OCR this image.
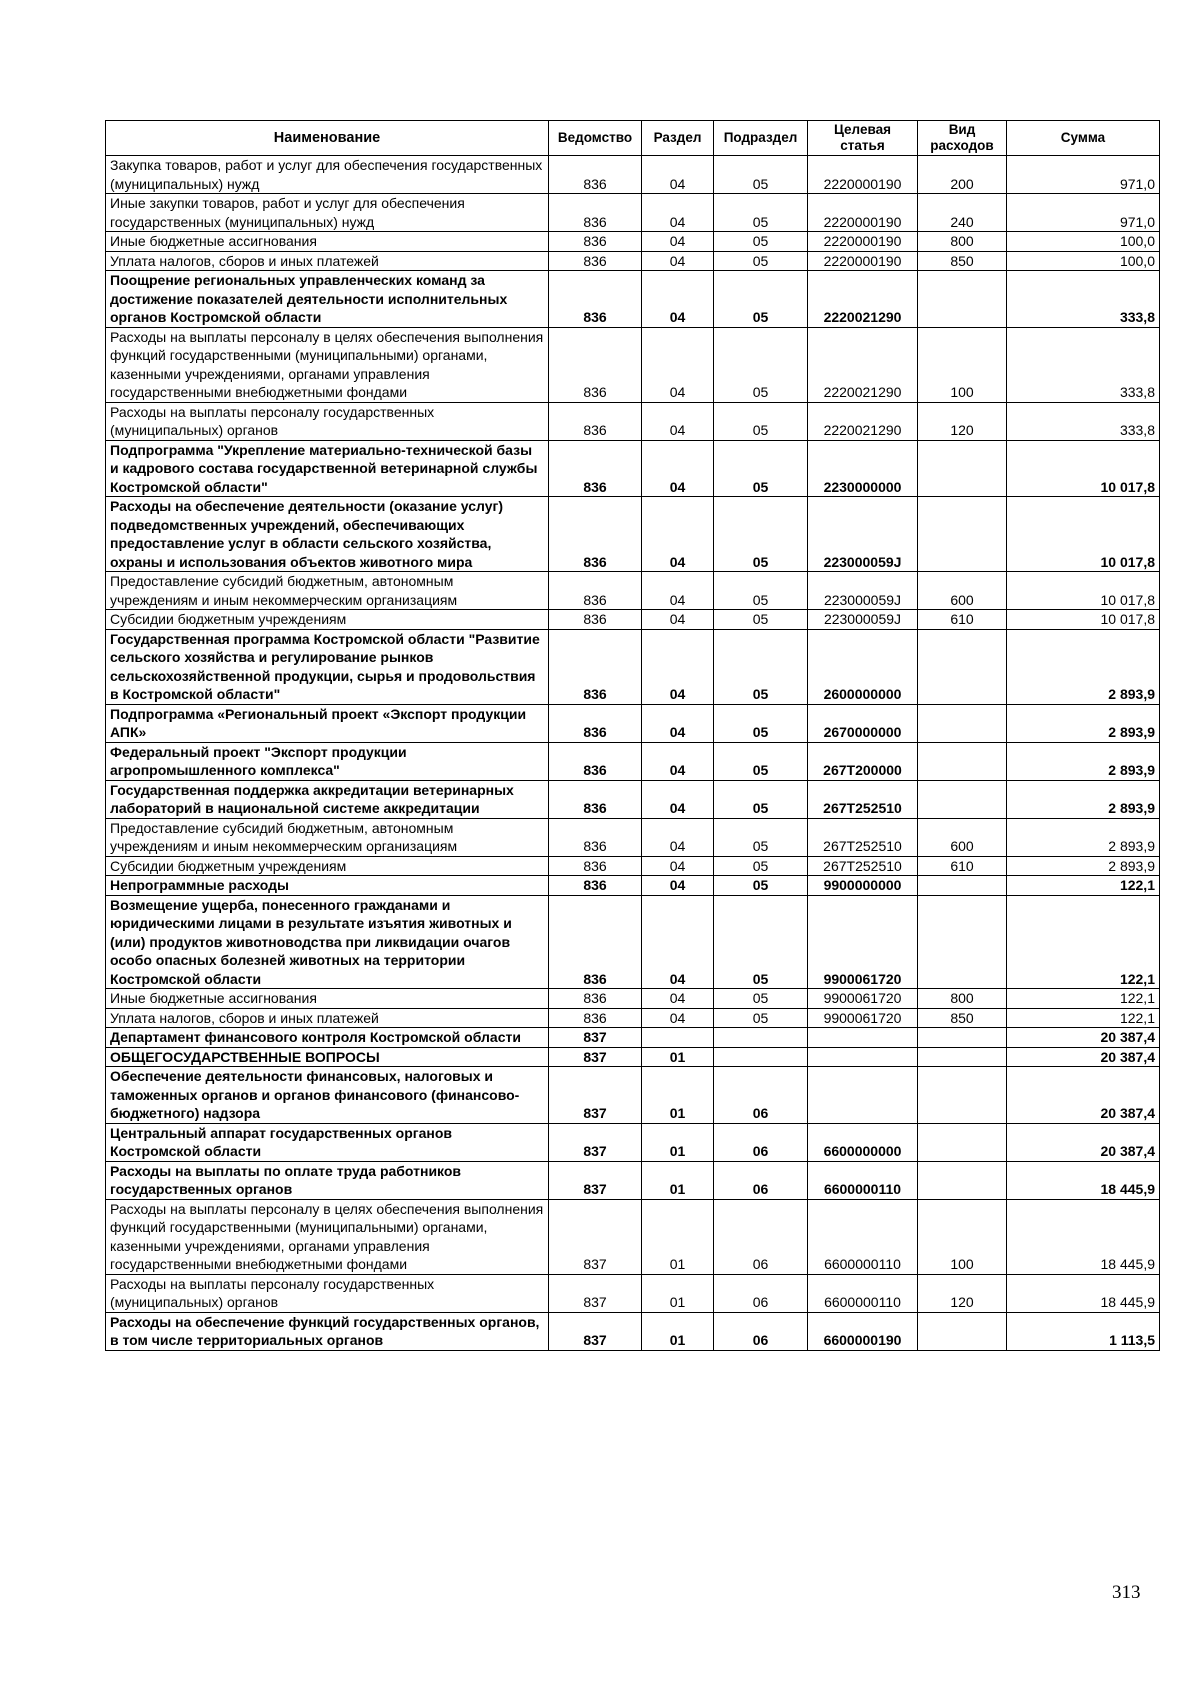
Наименование	Ведомство	Раздел	Подраздел	Целевая статья	Вид расходов	Сумма
Закупка товаров, работ и услуг для обеспечения государственных (муниципальных) нужд	836	04	05	2220000190	200	971,0
Иные закупки товаров, работ и услуг для обеспечения государственных (муниципальных) нужд	836	04	05	2220000190	240	971,0
Иные бюджетные ассигнования	836	04	05	2220000190	800	100,0
Уплата налогов, сборов и иных платежей	836	04	05	2220000190	850	100,0
Поощрение региональных управленческих команд за достижение показателей деятельности исполнительных органов Костромской области	836	04	05	2220021290		333,8
Расходы на выплаты персоналу в целях обеспечения выполнения функций государственными (муниципальными) органами, казенными учреждениями, органами управления государственными внебюджетными фондами	836	04	05	2220021290	100	333,8
Расходы на выплаты персоналу государственных (муниципальных) органов	836	04	05	2220021290	120	333,8
Подпрограмма "Укрепление материально-технической базы и кадрового состава государственной ветеринарной службы Костромской области"	836	04	05	2230000000		10 017,8
Расходы на обеспечение деятельности (оказание услуг) подведомственных учреждений, обеспечивающих предоставление услуг в области сельского хозяйства, охраны и использования объектов животного мира	836	04	05	223000059J		10 017,8
Предоставление субсидий бюджетным, автономным учреждениям и иным некоммерческим организациям	836	04	05	223000059J	600	10 017,8
Субсидии бюджетным учреждениям	836	04	05	223000059J	610	10 017,8
Государственная программа Костромской области "Развитие сельского хозяйства и регулирование рынков сельскохозяйственной продукции, сырья и продовольствия в Костромской области"	836	04	05	2600000000		2 893,9
Подпрограмма «Региональный проект «Экспорт продукции АПК»	836	04	05	2670000000		2 893,9
Федеральный проект "Экспорт продукции агропромышленного комплекса"	836	04	05	267T200000		2 893,9
Государственная поддержка аккредитации ветеринарных лабораторий в национальной системе аккредитации	836	04	05	267T252510		2 893,9
Предоставление субсидий бюджетным, автономным учреждениям и иным некоммерческим организациям	836	04	05	267T252510	600	2 893,9
Субсидии бюджетным учреждениям	836	04	05	267T252510	610	2 893,9
Непрограммные расходы	836	04	05	9900000000		122,1
Возмещение ущерба, понесенного гражданами и юридическими лицами в результате изъятия животных и (или) продуктов животноводства при ликвидации очагов особо опасных болезней животных на территории Костромской области	836	04	05	9900061720		122,1
Иные бюджетные ассигнования	836	04	05	9900061720	800	122,1
Уплата налогов, сборов и иных платежей	836	04	05	9900061720	850	122,1
Департамент финансового контроля Костромской области	837					20 387,4
ОБЩЕГОСУДАРСТВЕННЫЕ ВОПРОСЫ	837	01				20 387,4
Обеспечение деятельности финансовых, налоговых и таможенных органов и органов финансового (финансово-бюджетного) надзора	837	01	06			20 387,4
Центральный аппарат государственных органов Костромской области	837	01	06	6600000000		20 387,4
Расходы на выплаты по оплате труда работников государственных органов	837	01	06	6600000110		18 445,9
Расходы на выплаты персоналу в целях обеспечения выполнения функций государственными (муниципальными) органами, казенными учреждениями, органами управления государственными внебюджетными фондами	837	01	06	6600000110	100	18 445,9
Расходы на выплаты персоналу государственных (муниципальных) органов	837	01	06	6600000110	120	18 445,9
Расходы на обеспечение функций государственных органов, в том числе территориальных органов	837	01	06	6600000190		1 113,5
313
